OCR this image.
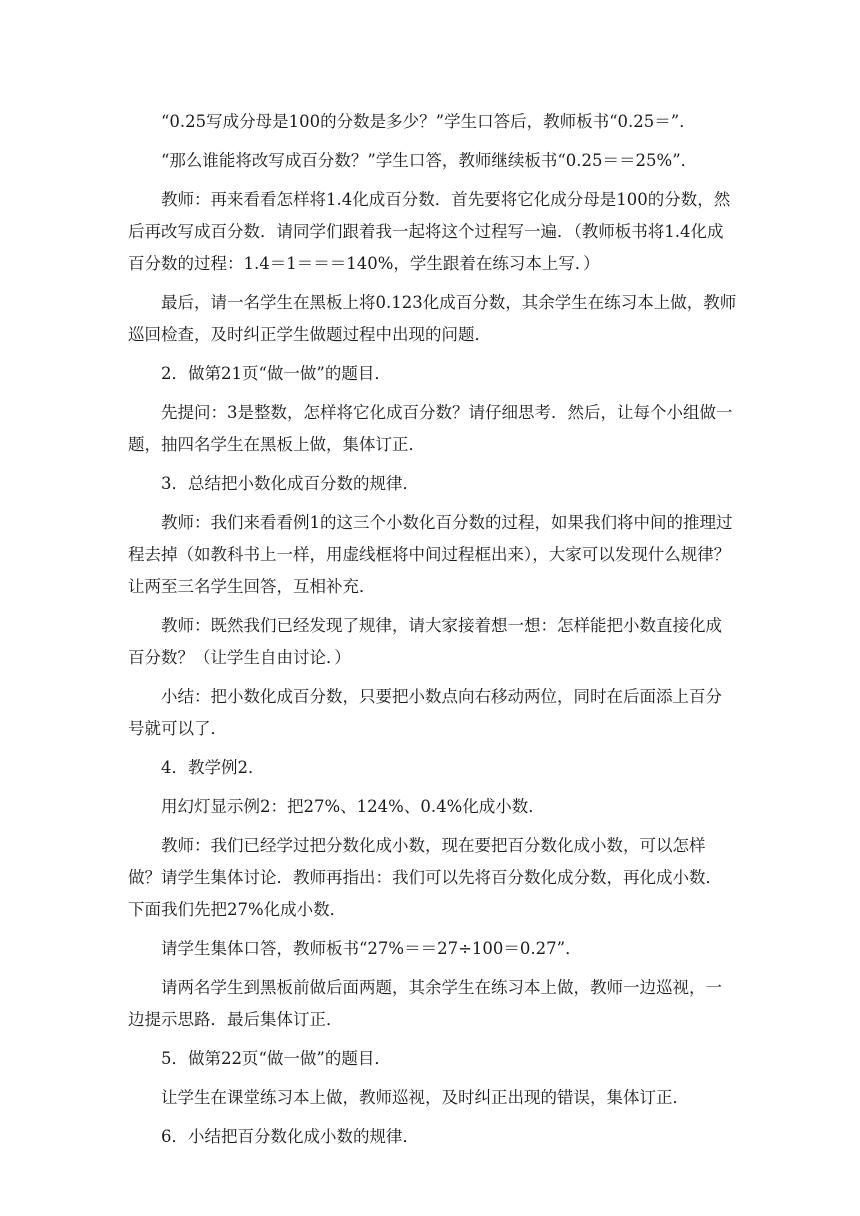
“0.25写成分母是100的分数是多少？”学生口答后，教师板书“0.25＝”．

“那么谁能将改写成百分数？”学生口答，教师继续板书“0.25＝＝25%”．

教师：再来看看怎样将1.4化成百分数．首先要将它化成分母是100的分数，然后再改写成百分数．请同学们跟着我一起将这个过程写一遍．（教师板书将1.4化成百分数的过程：1.4＝1＝＝＝140%，学生跟着在练习本上写．）

最后，请一名学生在黑板上将0.123化成百分数，其余学生在练习本上做，教师巡回检查，及时纠正学生做题过程中出现的问题．

2．做第21页“做一做”的题目．

先提问：3是整数，怎样将它化成百分数？请仔细思考．然后，让每个小组做一题，抽四名学生在黑板上做，集体订正．

3．总结把小数化成百分数的规律．

教师：我们来看看例1的这三个小数化百分数的过程，如果我们将中间的推理过程去掉（如教科书上一样，用虚线框将中间过程框出来），大家可以发现什么规律？让两至三名学生回答，互相补充．

教师：既然我们已经发现了规律，请大家接着想一想：怎样能把小数直接化成百分数？（让学生自由讨论．）

小结：把小数化成百分数，只要把小数点向右移动两位，同时在后面添上百分号就可以了．

4．教学例2．

用幻灯显示例2：把27%、124%、0.4%化成小数．

教师：我们已经学过把分数化成小数，现在要把百分数化成小数，可以怎样做？请学生集体讨论．教师再指出：我们可以先将百分数化成分数，再化成小数．下面我们先把27%化成小数．

请学生集体口答，教师板书“27%＝＝27÷100＝0.27”．

请两名学生到黑板前做后面两题，其余学生在练习本上做，教师一边巡视，一边提示思路．最后集体订正．

5．做第22页“做一做”的题目．

让学生在课堂练习本上做，教师巡视，及时纠正出现的错误，集体订正．

6．小结把百分数化成小数的规律．
